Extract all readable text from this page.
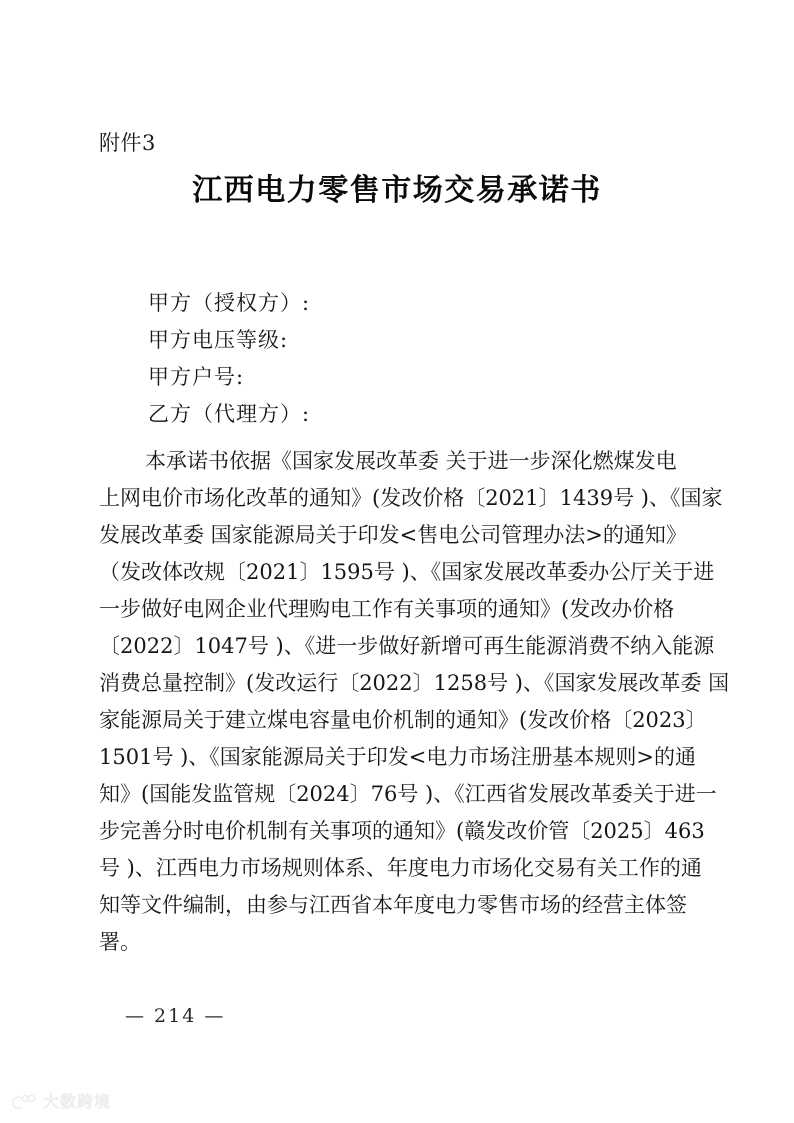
附件3
江西电力零售市场交易承诺书
甲方（授权方）:
甲方电压等级:
甲方户号:
乙方（代理方）:
本承诺书依据《国家发展改革委 关于进一步深化燃煤发电
上网电价市场化改革的通知》(发改价格〔2021〕1439号 )、《国家
发展改革委 国家能源局关于印发<售电公司管理办法>的通知》
（发改体改规〔2021〕1595号 )、《国家发展改革委办公厅关于进
一步做好电网企业代理购电工作有关事项的通知》(发改办价格
〔2022〕1047号 )、《进一步做好新增可再生能源消费不纳入能源
消费总量控制》(发改运行〔2022〕1258号 )、《国家发展改革委 国
家能源局关于建立煤电容量电价机制的通知》(发改价格〔2023〕
1501号 )、《国家能源局关于印发<电力市场注册基本规则>的通
知》(国能发监管规〔2024〕76号 )、《江西省发展改革委关于进一
步完善分时电价机制有关事项的通知》(赣发改价管〔2025〕463
号 )、江西电力市场规则体系、年度电力市场化交易有关工作的通
知等文件编制，由参与江西省本年度电力零售市场的经营主体签
署。
— 214 —
大数跨境
